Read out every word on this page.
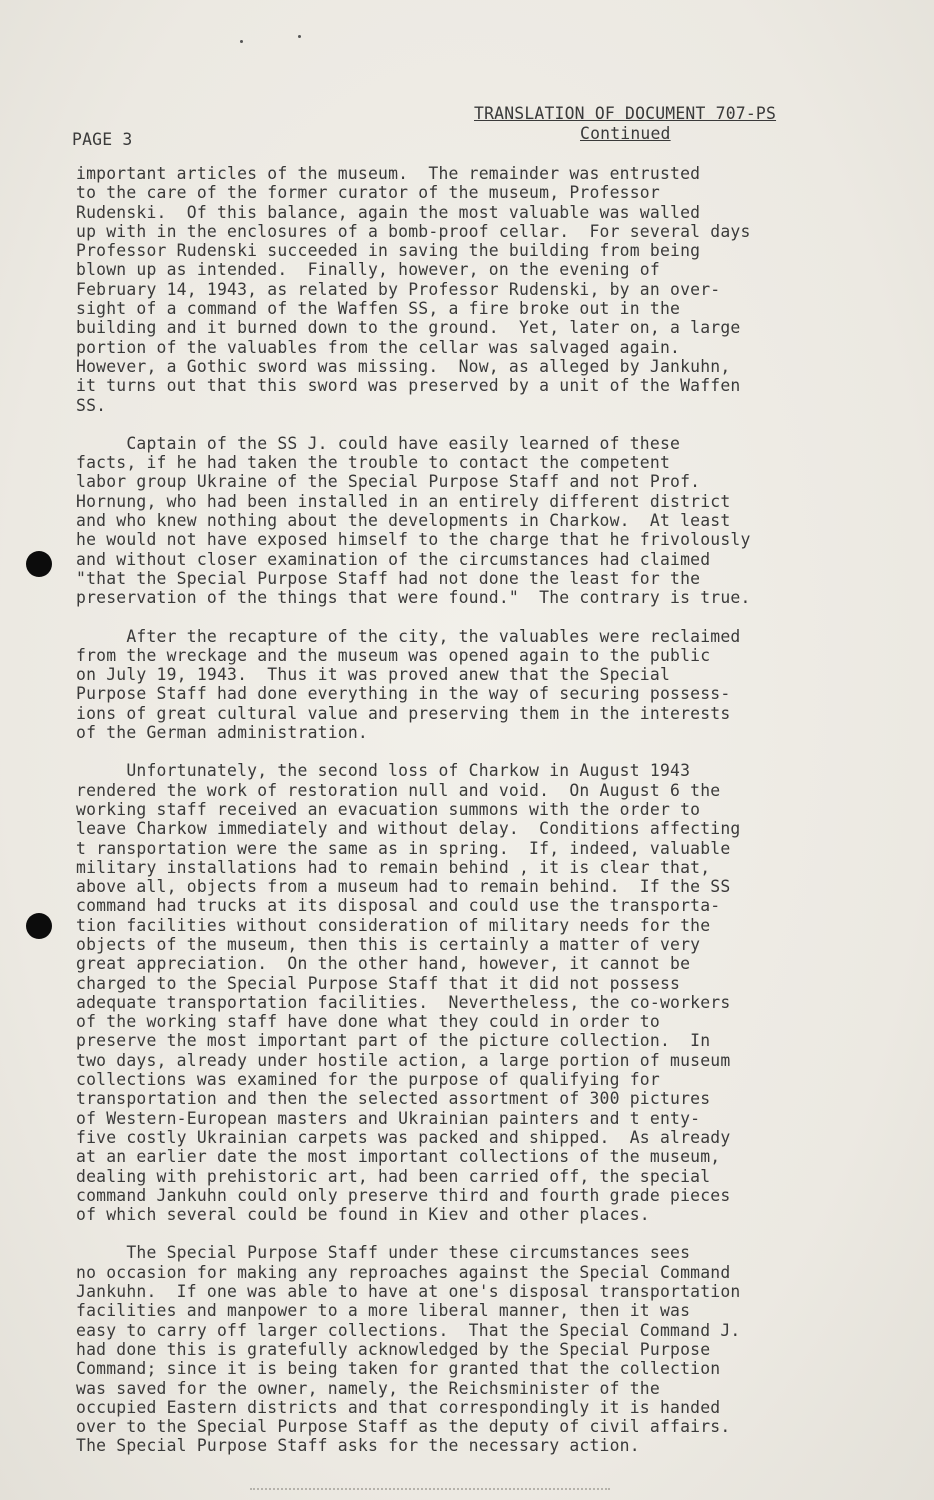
PAGE 3
TRANSLATION OF DOCUMENT 707-PS
Continued

important articles of the museum.  The remainder was entrusted
to the care of the former curator of the museum, Professor
Rudenski.  Of this balance, again the most valuable was walled
up with in the enclosures of a bomb-proof cellar.  For several days
Professor Rudenski succeeded in saving the building from being
blown up as intended.  Finally, however, on the evening of
February 14, 1943, as related by Professor Rudenski, by an over-
sight of a command of the Waffen SS, a fire broke out in the
building and it burned down to the ground.  Yet, later on, a large
portion of the valuables from the cellar was salvaged again.
However, a Gothic sword was missing.  Now, as alleged by Jankuhn,
it turns out that this sword was preserved by a unit of the Waffen
SS.

Captain of the SS J. could have easily learned of these
facts, if he had taken the trouble to contact the competent
labor group Ukraine of the Special Purpose Staff and not Prof.
Hornung, who had been installed in an entirely different district
and who knew nothing about the developments in Charkow.  At least
he would not have exposed himself to the charge that he frivolously
and without closer examination of the circumstances had claimed
"that the Special Purpose Staff had not done the least for the
preservation of the things that were found."  The contrary is true.

After the recapture of the city, the valuables were reclaimed
from the wreckage and the museum was opened again to the public
on July 19, 1943.  Thus it was proved anew that the Special
Purpose Staff had done everything in the way of securing possess-
ions of great cultural value and preserving them in the interests
of the German administration.

Unfortunately, the second loss of Charkow in August 1943
rendered the work of restoration null and void.  On August 6 the
working staff received an evacuation summons with the order to
leave Charkow immediately and without delay.  Conditions affecting
t ransportation were the same as in spring.  If, indeed, valuable
military installations had to remain behind , it is clear that,
above all, objects from a museum had to remain behind.  If the SS
command had trucks at its disposal and could use the transporta-
tion facilities without consideration of military needs for the
objects of the museum, then this is certainly a matter of very
great appreciation.  On the other hand, however, it cannot be
charged to the Special Purpose Staff that it did not possess
adequate transportation facilities.  Nevertheless, the co-workers
of the working staff have done what they could in order to
preserve the most important part of the picture collection.  In
two days, already under hostile action, a large portion of museum
collections was examined for the purpose of qualifying for
transportation and then the selected assortment of 300 pictures
of Western-European masters and Ukrainian painters and t enty-
five costly Ukrainian carpets was packed and shipped.  As already
at an earlier date the most important collections of the museum,
dealing with prehistoric art, had been carried off, the special
command Jankuhn could only preserve third and fourth grade pieces
of which several could be found in Kiev and other places.

The Special Purpose Staff under these circumstances sees
no occasion for making any reproaches against the Special Command
Jankuhn.  If one was able to have at one's disposal transportation
facilities and manpower to a more liberal manner, then it was
easy to carry off larger collections.  That the Special Command J.
had done this is gratefully acknowledged by the Special Purpose
Command; since it is being taken for granted that the collection
was saved for the owner, namely, the Reichsminister of the
occupied Eastern districts and that correspondingly it is handed
over to the Special Purpose Staff as the deputy of civil affairs.
The Special Purpose Staff asks for the necessary action.
